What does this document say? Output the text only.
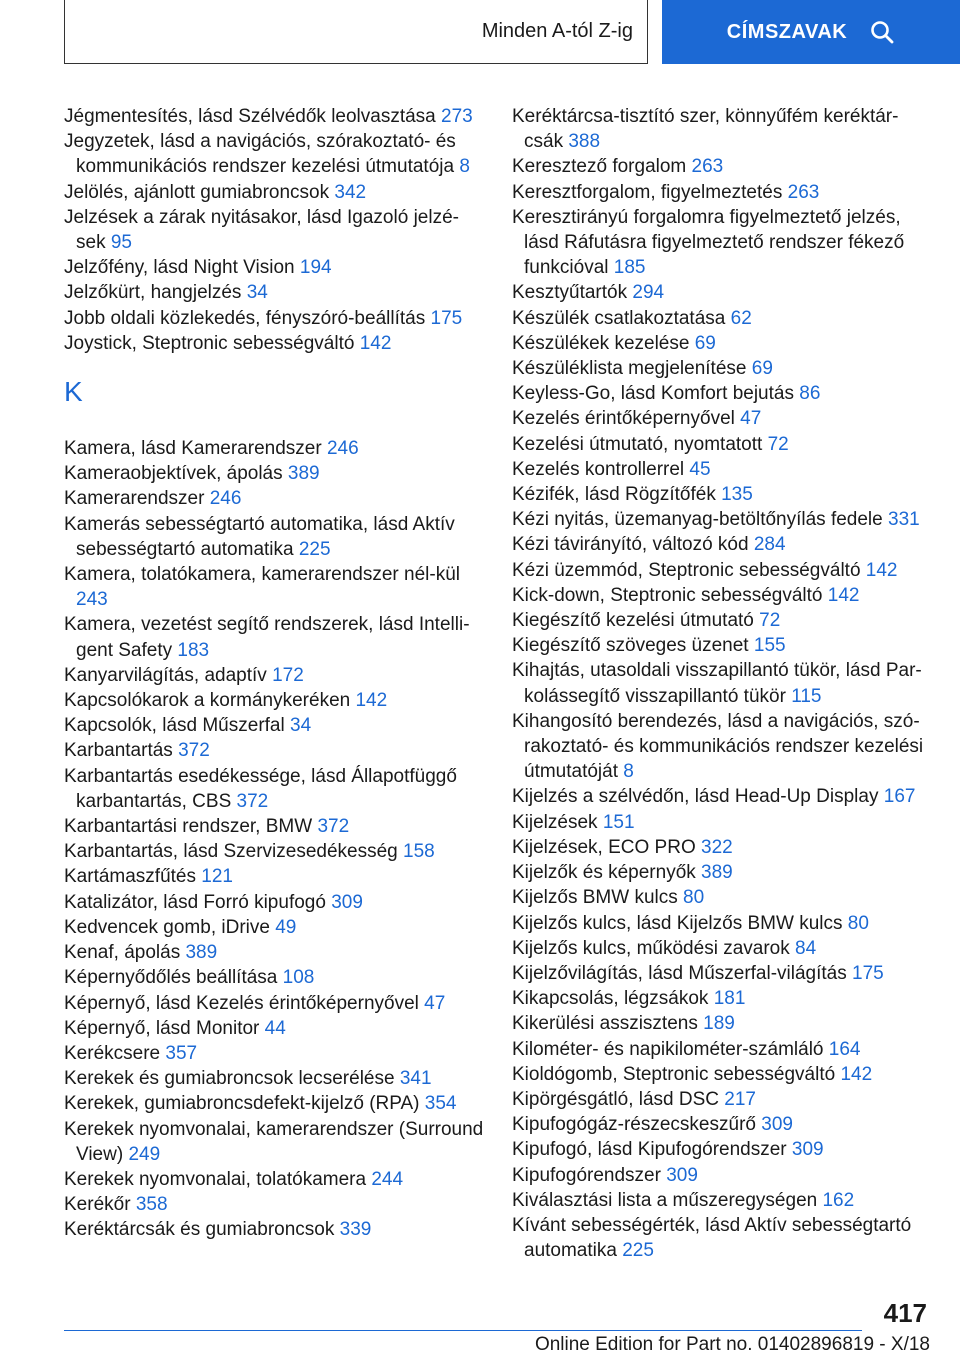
Minden A-tól Z-ig	CÍMSZAVAK
Jégmentesítés, lásd Szélvédők leolvasztása 273
Jegyzetek, lásd a navigációs, szórakoztató- és kommunikációs rendszer kezelési útmutatója 8
Jelölés, ajánlott gumiabroncsok 342
Jelzések a zárak nyitásakor, lásd Igazoló jelzé-sek 95
Jelzőfény, lásd Night Vision 194
Jelzőkürt, hangjelzés 34
Jobb oldali közlekedés, fényszóró-beállítás 175
Joystick, Steptronic sebességváltó 142
K
Kamera, lásd Kamerarendszer 246
Kameraobjektívek, ápolás 389
Kamerarendszer 246
Kamerás sebességtartó automatika, lásd Aktív sebességtartó automatika 225
Kamera, tolatókamera, kamerarendszer nél-kül 243
Kamera, vezetést segítő rendszerek, lásd Intelli-gent Safety 183
Kanyarvilágítás, adaptív 172
Kapcsolókarok a kormánykeréken 142
Kapcsolók, lásd Műszerfal 34
Karbantartás 372
Karbantartás esedékessége, lásd Állapotfüggő karbantartás, CBS 372
Karbantartási rendszer, BMW 372
Karbantartás, lásd Szervizesedékesség 158
Kartámaszfűtés 121
Katalizátor, lásd Forró kipufogó 309
Kedvencek gomb, iDrive 49
Kenaf, ápolás 389
Képernyődőlés beállítása 108
Képernyő, lásd Kezelés érintőképernyővel 47
Képernyő, lásd Monitor 44
Kerékcsere 357
Kerekek és gumiabroncsok lecserélése 341
Kerekek, gumiabroncsdefekt-kijelző (RPA) 354
Kerekek nyomvonalai, kamerarendszer (Surround View) 249
Kerekek nyomvonalai, tolatókamera 244
Kerékőr 358
Keréktárcsák és gumiabroncsok 339
Keréktárcsa-tisztító szer, könnyűfém keréktár-csák 388
Keresztező forgalom 263
Keresztforgalom, figyelmeztetés 263
Keresztirányú forgalomra figyelmeztető jelzés, lásd Ráfutásra figyelmeztető rendszer fékező funkcióval 185
Kesztyűtartók 294
Készülék csatlakoztatása 62
Készülékek kezelése 69
Készüléklista megjelenítése 69
Keyless-Go, lásd Komfort bejutás 86
Kezelés érintőképernyővel 47
Kezelési útmutató, nyomtatott 72
Kezelés kontrollerrel 45
Kézifék, lásd Rögzítőfék 135
Kézi nyitás, üzemanyag-betöltőnyílás fedele 331
Kézi távirányító, változó kód 284
Kézi üzemmód, Steptronic sebességváltó 142
Kick-down, Steptronic sebességváltó 142
Kiegészítő kezelési útmutató 72
Kiegészítő szöveges üzenet 155
Kihajtás, utasoldali visszapillantó tükör, lásd Par-kolássegítő visszapillantó tükör 115
Kihangosító berendezés, lásd a navigációs, szó-rakoztató- és kommunikációs rendszer kezelési útmutatóját 8
Kijelzés a szélvédőn, lásd Head-Up Display 167
Kijelzések 151
Kijelzések, ECO PRO 322
Kijelzők és képernyők 389
Kijelzős BMW kulcs 80
Kijelzős kulcs, lásd Kijelzős BMW kulcs 80
Kijelzős kulcs, működési zavarok 84
Kijelzővilágítás, lásd Műszerfal-világítás 175
Kikapcsolás, légzsákok 181
Kikerülési asszisztens 189
Kilométer- és napikilométer-számláló 164
Kioldógomb, Steptronic sebességváltó 142
Kipörgésgátló, lásd DSC 217
Kipufogógáz-részecskeszűrő 309
Kipufogó, lásd Kipufogórendszer 309
Kipufogórendszer 309
Kiválasztási lista a műszeregységen 162
Kívánt sebességérték, lásd Aktív sebességtartó automatika 225
417
Online Edition for Part no. 01402896819 - X/18
